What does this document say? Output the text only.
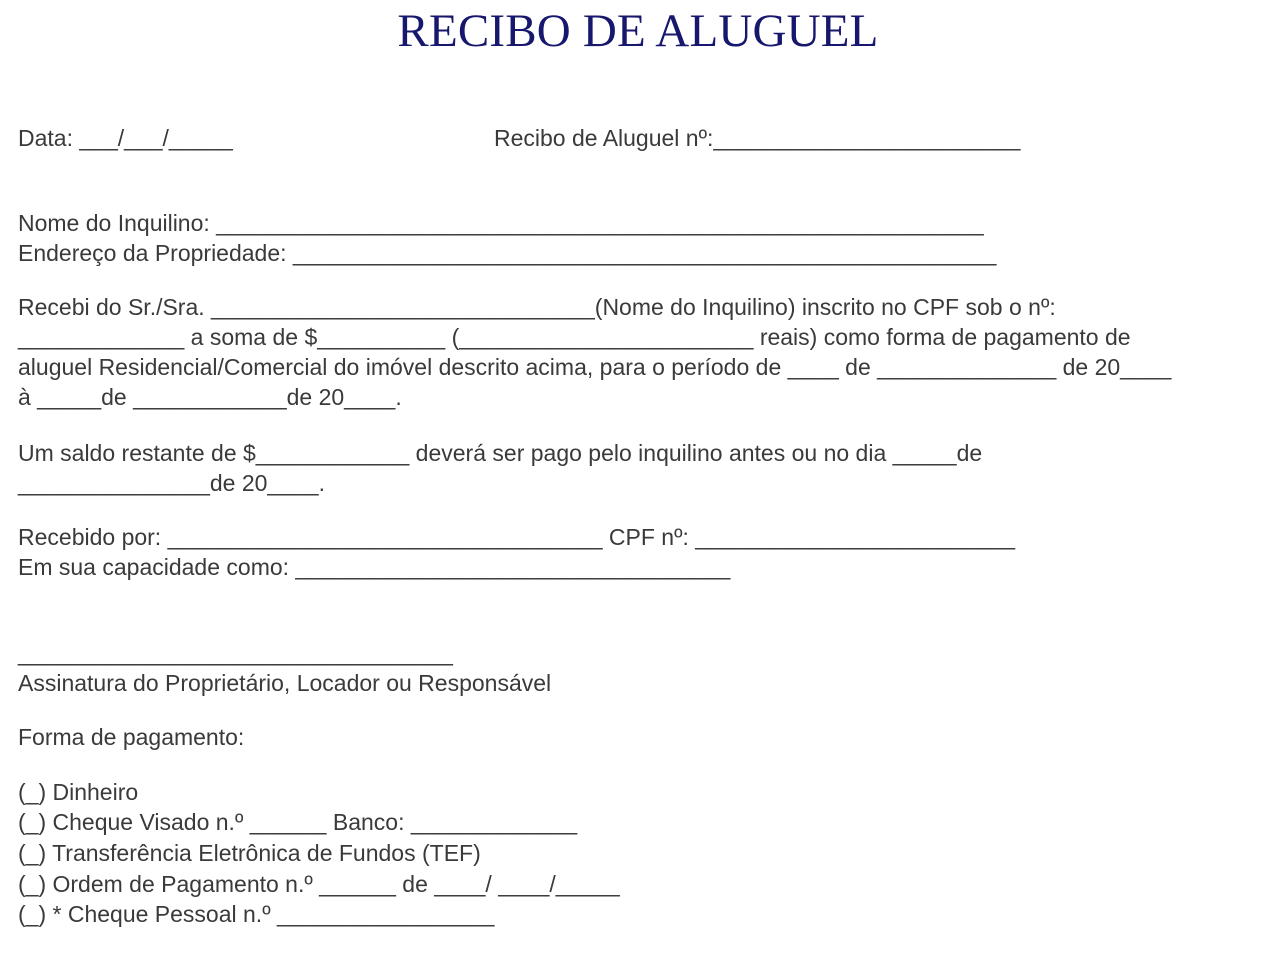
RECIBO DE ALUGUEL
Data: ___/___/_____	Recibo de Aluguel nº:________________________
Nome do Inquilino: ____________________________________________________________
Endereço da Propriedade: _______________________________________________________
Recebi do Sr./Sra. ______________________________(Nome do Inquilino) inscrito no CPF sob o nº:
_____________ a soma de $__________ (_______________________ reais) como forma de pagamento de
aluguel Residencial/Comercial do imóvel descrito acima, para o período de ____ de ______________ de 20____
à _____de ____________de 20____.
Um saldo restante de $____________ deverá ser pago pelo inquilino antes ou no dia _____de
_______________de 20____.
Recebido por: __________________________________ CPF nº: _________________________
Em sua capacidade como: __________________________________
__________________________________
Assinatura do Proprietário, Locador ou Responsável
Forma de pagamento:
(_) Dinheiro
(_) Cheque Visado n.º ______ Banco: _____________
(_) Transferência Eletrônica de Fundos (TEF)
(_) Ordem de Pagamento n.º ______ de ____/ ____/_____
(_) * Cheque Pessoal n.º _________________
